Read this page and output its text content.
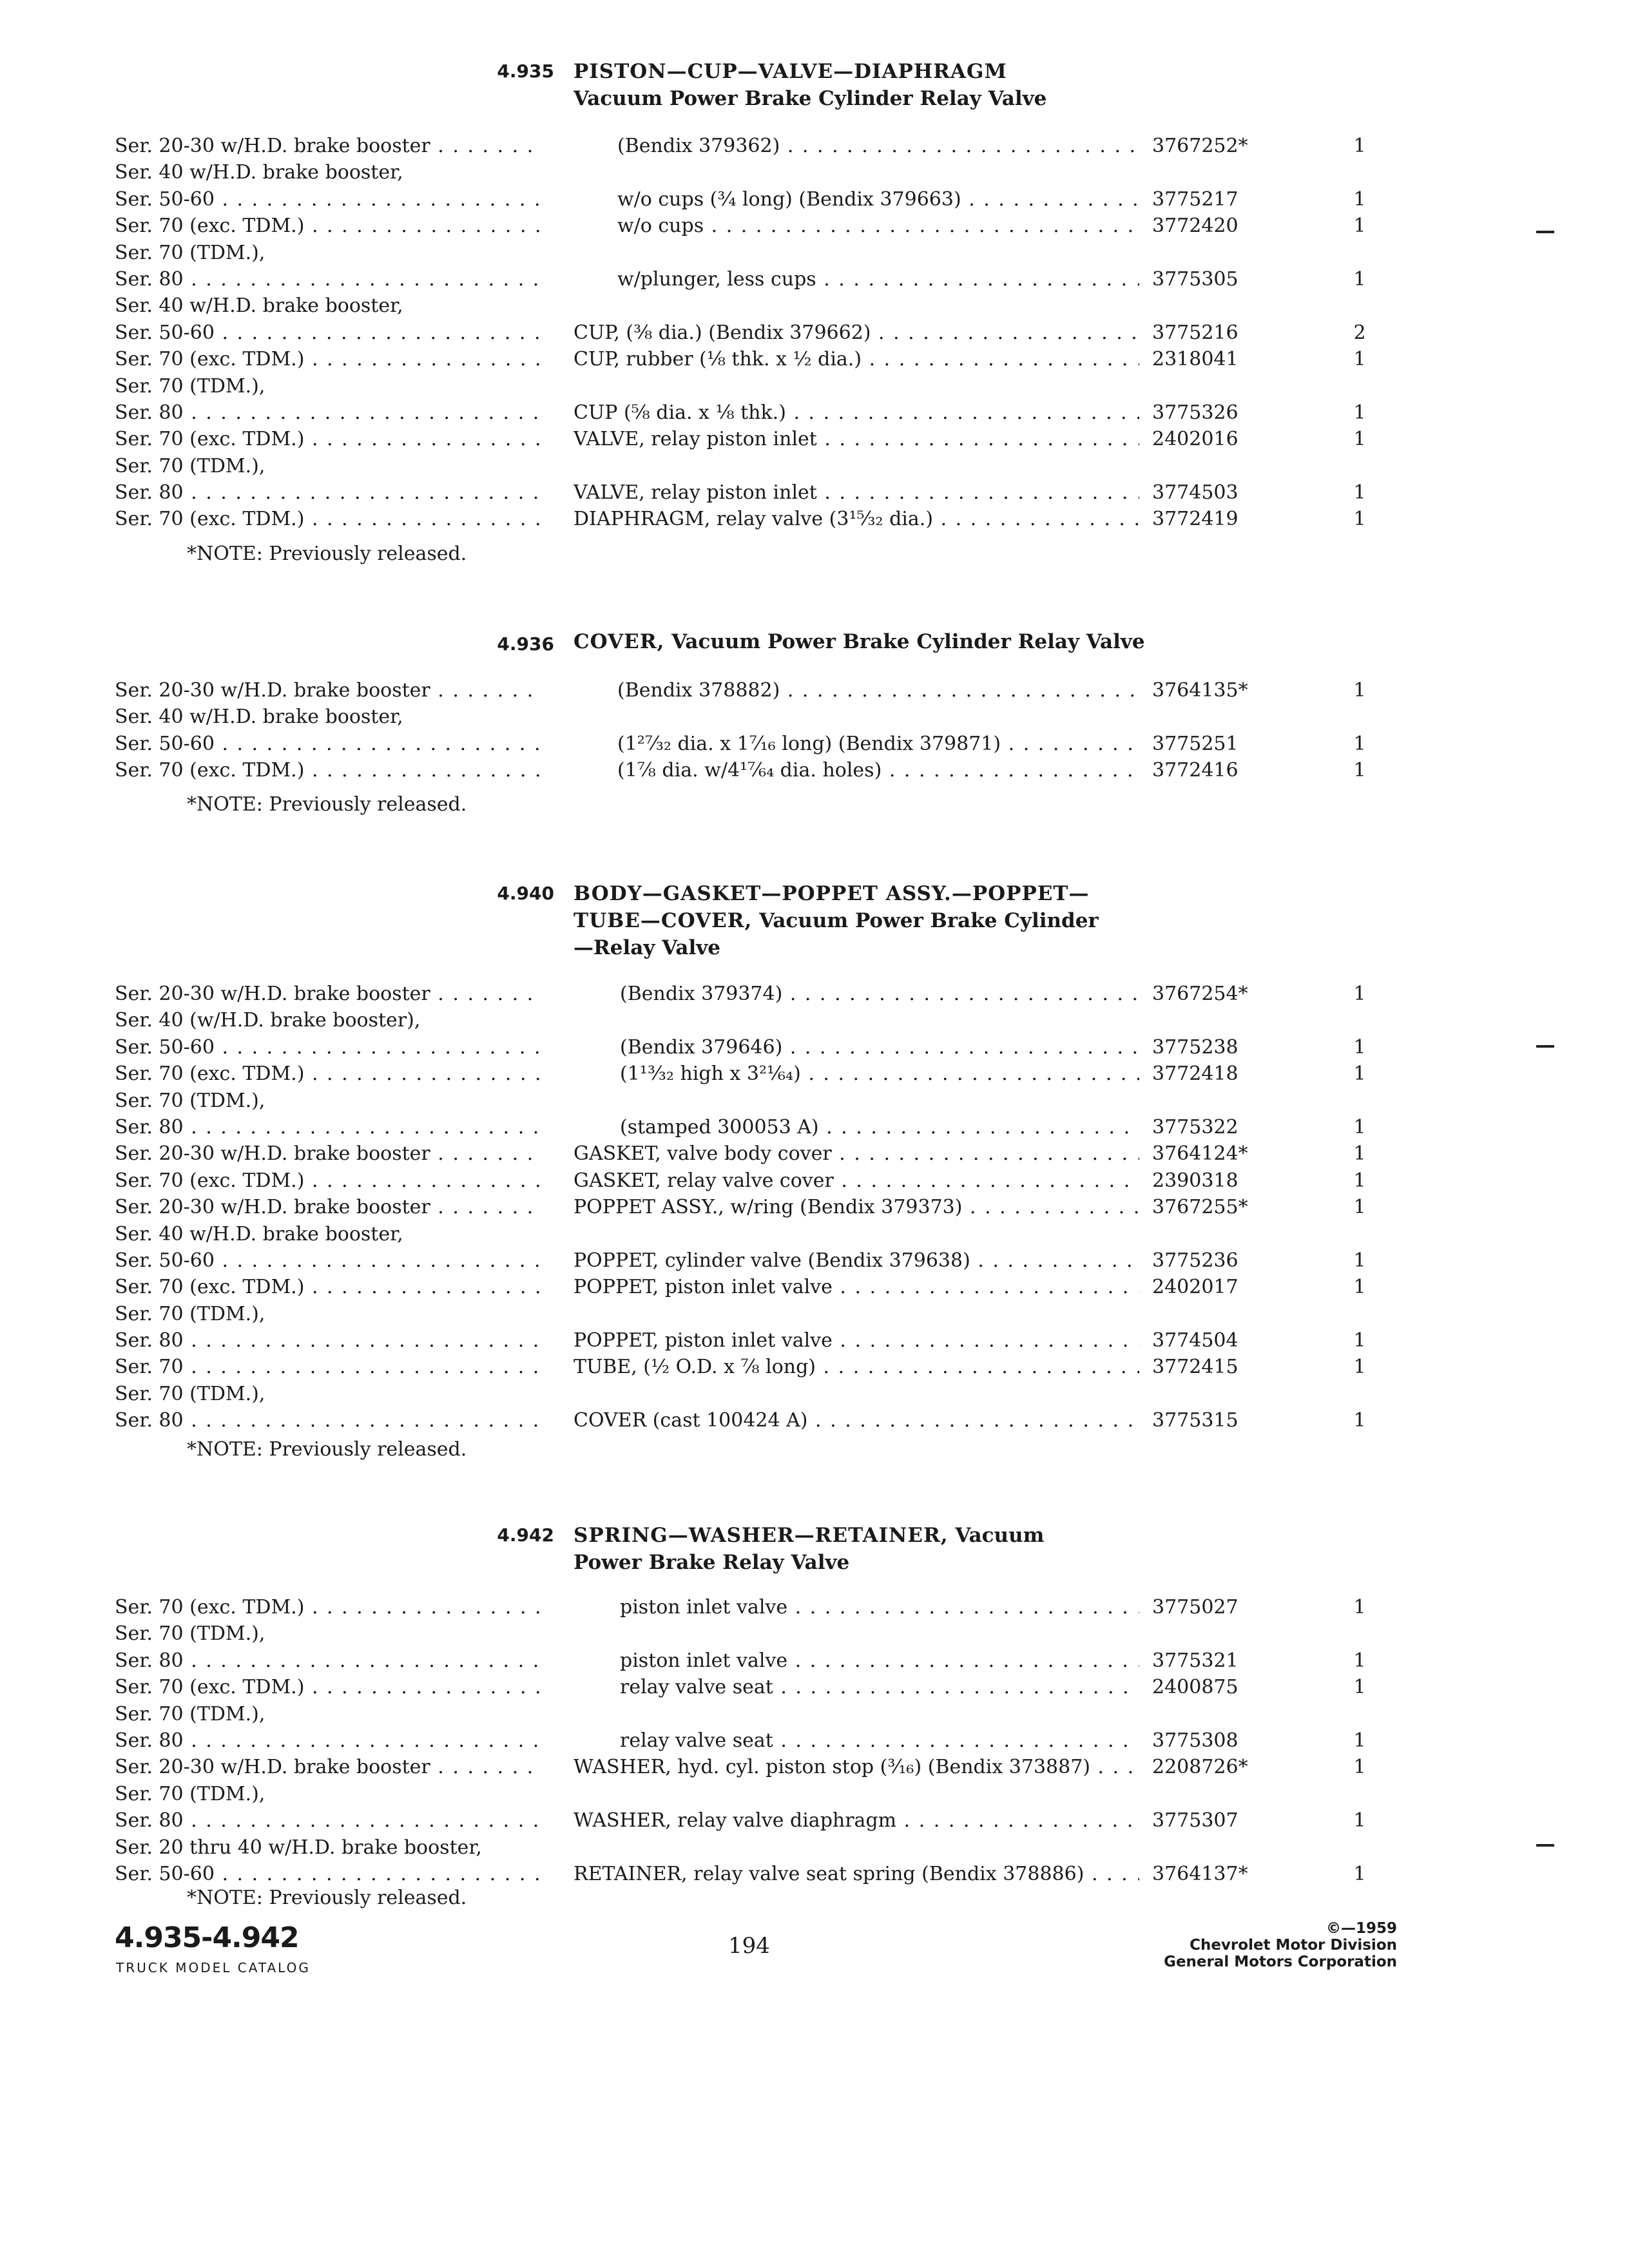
4.935 PISTON—CUP—VALVE—DIAPHRAGM
Vacuum Power Brake Cylinder Relay Valve
Ser. 20-30 w/H.D. brake booster . . .	(Bendix 379362) . . .	3767252*	1
Ser. 40 w/H.D. brake booster,
Ser. 50-60 . . .	w/o cups (¾ long) (Bendix 379663) . . .	3775217	1
Ser. 70 (exc. TDM.) . . .	w/o cups . . .	3772420	1
Ser. 70 (TDM.),
Ser. 80 . . .	w/plunger, less cups . . .	3775305	1
Ser. 40 w/H.D. brake booster,
Ser. 50-60 . . .	CUP, (⅜ dia.) (Bendix 379662) . . .	3775216	2
Ser. 70 (exc. TDM.) . . .	CUP, rubber (⅛ thk. x ½ dia.) . . .	2318041	1
Ser. 70 (TDM.),
Ser. 80 . . .	CUP (⅝ dia. x ⅛ thk.) . . .	3775326	1
Ser. 70 (exc. TDM.) . . .	VALVE, relay piston inlet . . .	2402016	1
Ser. 70 (TDM.),
Ser. 80 . . .	VALVE, relay piston inlet . . .	3774503	1
Ser. 70 (exc. TDM.) . . .	DIAPHRAGM, relay valve (3¹⁵⁄₃₂ dia.) . . .	3772419	1
*NOTE: Previously released.
4.936 COVER, Vacuum Power Brake Cylinder Relay Valve
Ser. 20-30 w/H.D. brake booster . . .	(Bendix 378882) . . .	3764135*	1
Ser. 40 w/H.D. brake booster,
Ser. 50-60 . . .	(1²⁷⁄₃₂ dia. x 1⁷⁄₁₆ long) (Bendix 379871) . . .	3775251	1
Ser. 70 (exc. TDM.) . . .	(1⅞ dia. w/4¹⁷⁄₆₄ dia. holes) . . .	3772416	1
*NOTE: Previously released.
4.940 BODY—GASKET—POPPET ASSY.—POPPET—
TUBE—COVER, Vacuum Power Brake Cylinder
—Relay Valve
Ser. 20-30 w/H.D. brake booster . . .	(Bendix 379374) . . .	3767254*	1
Ser. 40 (w/H.D. brake booster),
Ser. 50-60 . . .	(Bendix 379646) . . .	3775238	1
Ser. 70 (exc. TDM.) . . .	(1¹³⁄₃₂ high x 3²¹⁄₆₄) . . .	3772418	1
Ser. 70 (TDM.),
Ser. 80 . . .	(stamped 300053 A) . . .	3775322	1
Ser. 20-30 w/H.D. brake booster . . .	GASKET, valve body cover . . .	3764124*	1
Ser. 70 (exc. TDM.) . . .	GASKET, relay valve cover . . .	2390318	1
Ser. 20-30 w/H.D. brake booster . . .	POPPET ASSY., w/ring (Bendix 379373) . . .	3767255*	1
Ser. 40 w/H.D. brake booster,
Ser. 50-60 . . .	POPPET, cylinder valve (Bendix 379638) . . .	3775236	1
Ser. 70 (exc. TDM.) . . .	POPPET, piston inlet valve . . .	2402017	1
Ser. 70 (TDM.),
Ser. 80 . . .	POPPET, piston inlet valve . . .	3774504	1
Ser. 70 . . .	TUBE, (½ O.D. x ⅞ long) . . .	3772415	1
Ser. 70 (TDM.),
Ser. 80 . . .	COVER (cast 100424 A) . . .	3775315	1
*NOTE: Previously released.
4.942 SPRING—WASHER—RETAINER, Vacuum
Power Brake Relay Valve
Ser. 70 (exc. TDM.) . . .	piston inlet valve . . .	3775027	1
Ser. 70 (TDM.),
Ser. 80 . . .	piston inlet valve . . .	3775321	1
Ser. 70 (exc. TDM.) . . .	relay valve seat . . .	2400875	1
Ser. 70 (TDM.),
Ser. 80 . . .	relay valve seat . . .	3775308	1
Ser. 20-30 w/H.D. brake booster . . .	WASHER, hyd. cyl. piston stop (³⁄₁₆) (Bendix 373887) . . .	2208726*	1
Ser. 70 (TDM.),
Ser. 80 . . .	WASHER, relay valve diaphragm . . .	3775307	1
Ser. 20 thru 40 w/H.D. brake booster,
Ser. 50-60 . . .	RETAINER, relay valve seat spring (Bendix 378886) . . .	3764137*	1
*NOTE: Previously released.
4.935-4.942
TRUCK MODEL CATALOG
194
©—1959
Chevrolet Motor Division
General Motors Corporation
